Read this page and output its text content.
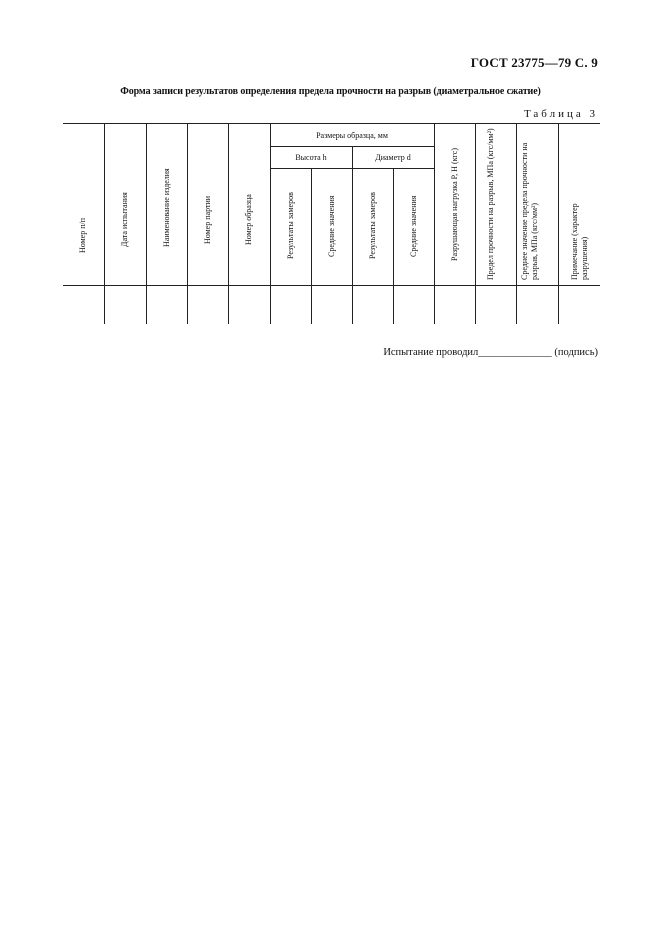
ГОСТ 23775—79 С. 9
Форма записи результатов определения предела прочности на разрыв (диаметральное сжатие)
Таблица 3
Размеры образца, мм
Высота h	Диаметр d
Номер п/п	Дата испытания	Наименование изделия	Номер партии	Номер образца	Результаты замеров	Средние значения	Результаты замеров	Средние значения	Разрушающая нагрузка P, Н (кгс)	Предел прочности на разрыв, МПа (кгс/мм²)	Среднее значение предела прочности на разрыв, МПа (кгс/мм²)	Примечание (характер разрушения)
Испытание проводил______________ (подпись)
